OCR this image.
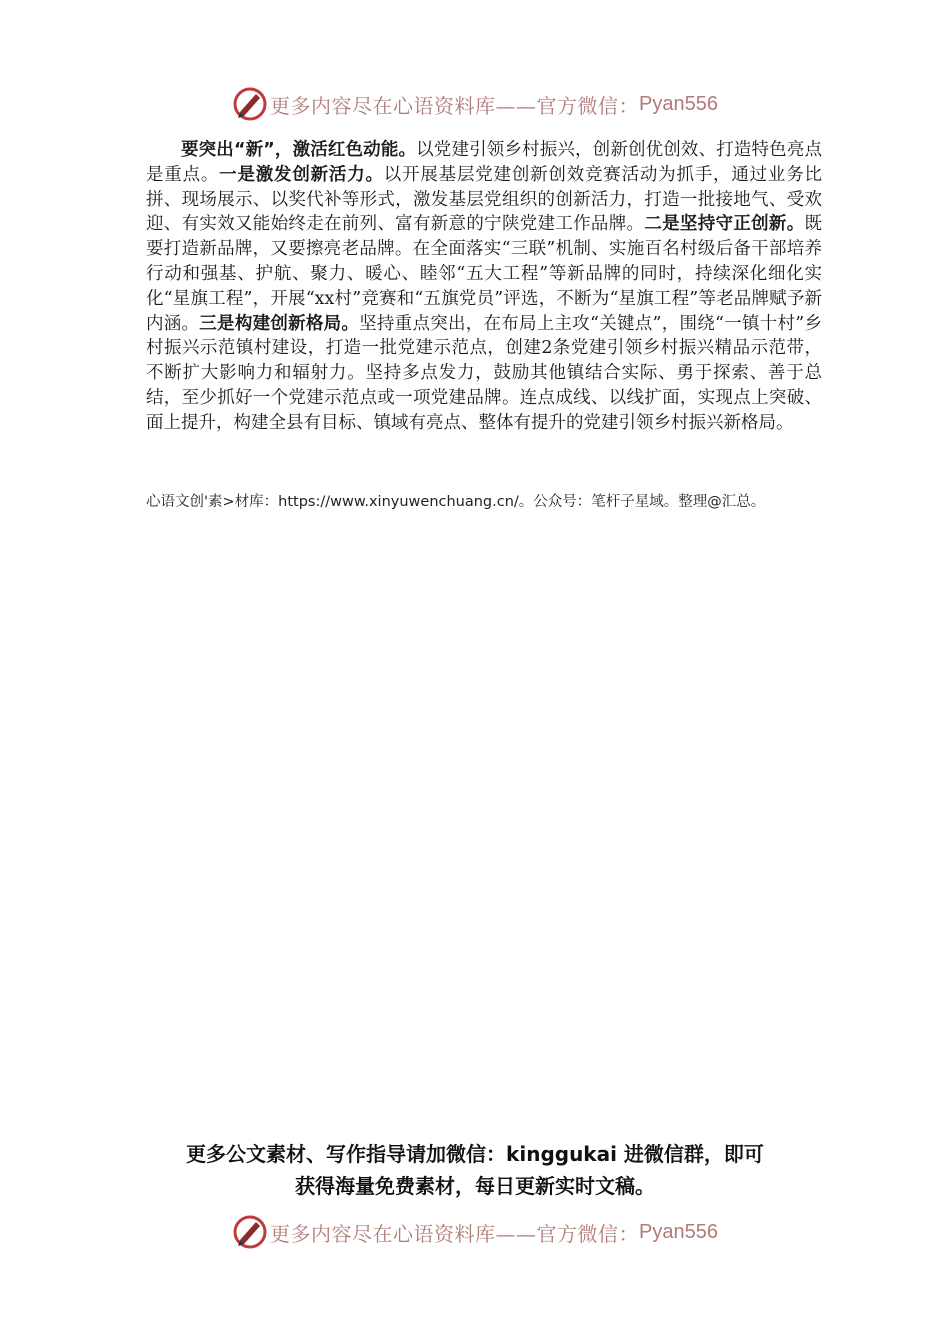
更多内容尽在心语资料库——官方微信： Pyan556

要突出“新”，激活红色动能。以党建引领乡村振兴，创新创优创效、打造特色亮点是重点。一是激发创新活力。以开展基层党建创新创效竞赛活动为抓手，通过业务比拼、现场展示、以奖代补等形式，激发基层党组织的创新活力，打造一批接地气、受欢迎、有实效又能始终走在前列、富有新意的宁陕党建工作品牌。二是坚持守正创新。既要打造新品牌，又要擦亮老品牌。在全面落实“三联”机制、实施百名村级后备干部培养行动和强基、护航、聚力、暖心、睦邻“五大工程”等新品牌的同时，持续深化细化实化“星旗工程”，开展“xx村”竞赛和“五旗党员”评选，不断为“星旗工程”等老品牌赋予新内涵。三是构建创新格局。坚持重点突出，在布局上主攻“关键点”，围绕“一镇十村”乡村振兴示范镇村建设，打造一批党建示范点，创建2条党建引领乡村振兴精品示范带，不断扩大影响力和辐射力。坚持多点发力，鼓励其他镇结合实际、勇于探索、善于总结，至少抓好一个党建示范点或一项党建品牌。连点成线、以线扩面，实现点上突破、面上提升，构建全县有目标、镇域有亮点、整体有提升的党建引领乡村振兴新格局。

心语文创'素>材库：https://www.xinyuwenchuang.cn/。公众号：笔杆子星域。整理@汇总。
更多公文素材、写作指导请加微信：kinggukai 进微信群，即可
获得海量免费素材，每日更新实时文稿。
更多内容尽在心语资料库——官方微信： Pyan556
